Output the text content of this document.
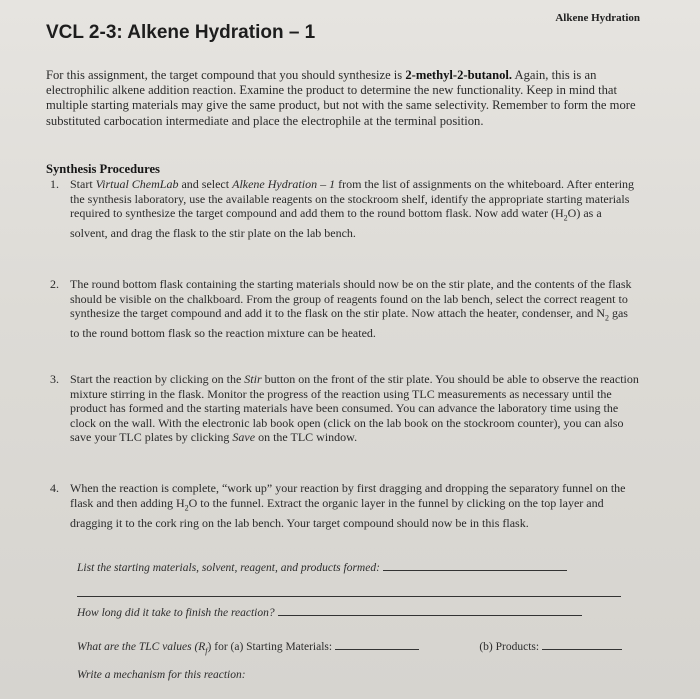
Alkene Hydration
VCL 2-3: Alkene Hydration – 1
For this assignment, the target compound that you should synthesize is 2-methyl-2-butanol. Again, this is an electrophilic alkene addition reaction. Examine the product to determine the new functionality. Keep in mind that multiple starting materials may give the same product, but not with the same selectivity. Remember to form the more substituted carbocation intermediate and place the electrophile at the terminal position.
Synthesis Procedures
1. Start Virtual ChemLab and select Alkene Hydration – 1 from the list of assignments on the whiteboard. After entering the synthesis laboratory, use the available reagents on the stockroom shelf, identify the appropriate starting materials required to synthesize the target compound and add them to the round bottom flask. Now add water $(H_2O)$ as a solvent, and drag the flask to the stir plate on the lab bench.
2. The round bottom flask containing the starting materials should now be on the stir plate, and the contents of the flask should be visible on the chalkboard. From the group of reagents found on the lab bench, select the correct reagent to synthesize the target compound and add it to the flask on the stir plate. Now attach the heater, condenser, and $N_2$ gas to the round bottom flask so the reaction mixture can be heated.
3. Start the reaction by clicking on the Stir button on the front of the stir plate. You should be able to observe the reaction mixture stirring in the flask. Monitor the progress of the reaction using TLC measurements as necessary until the product has formed and the starting materials have been consumed. You can advance the laboratory time using the clock on the wall. With the electronic lab book open (click on the lab book on the stockroom counter), you can also save your TLC plates by clicking Save on the TLC window.
4. When the reaction is complete, “work up” your reaction by first dragging and dropping the separatory funnel on the flask and then adding $H_2O$ to the funnel. Extract the organic layer in the funnel by clicking on the top layer and dragging it to the cork ring on the lab bench. Your target compound should now be in this flask.
List the starting materials, solvent, reagent, and products formed:
How long did it take to finish the reaction?
What are the TLC values $(R_f)$ for (a) Starting Materials:	(b) Products:
Write a mechanism for this reaction:
